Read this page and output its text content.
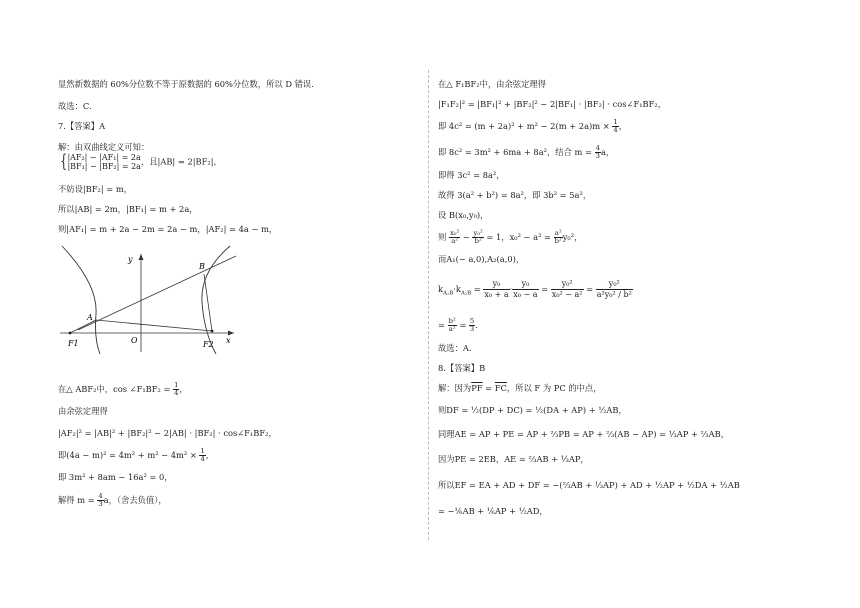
显然新数据的 60%分位数不等于原数据的 60%分位数，所以 D 错误.
故选：C.
7.【答案】A
解：由双曲线定义可知：
{ |AF₂| − |AF₁| = 2a
|BF₁| − |BF₂| = 2a ，且|AB| = 2|BF₂|，
不妨设|BF₂| = m，
所以|AB| = 2m，|BF₁| = m + 2a，
则|AF₁| = m + 2a − 2m = 2a − m，|AF₂| = 4a − m，
y
x
B
A
O
F1	F2
在△ ABF₂中，cos ∠F₁BF₂ = $\frac{1}{4}$ ，
由余弦定理得
|AF₂|² = |AB|² + |BF₂|² − 2|AB| · |BF₂| · cos∠F₁BF₂，
即$(4a - m)^2 = 4m^2 + m^2 - 4m^2 \times \frac{1}{4}$ ，
即 3m² + 8am − 16a² = 0，
解得 $m = \frac{4}{3}$ a，（舍去负值），
在△ F₁BF₂中，由余弦定理得
|F₁F₂|² = |BF₁|² + |BF₂|² − 2|BF₁| · |BF₂| · cos∠F₁BF₂，
即 $4c^2 = (m + 2a)^2 + m^2 - 2(m + 2a)m \times \frac{1}{4}$ ，
即 8c² = 3m² + 6ma + 8a²，结合 $m = \frac{4}{3}$ a，
即得 3c² = 8a²，
故得 3(a² + b²) = 8a²，即 3b² = 5a²，
设 B(x₀,y₀)，
则 $\frac{\text{x₀²}}{\text{a²}} - \frac{\text{y₀²}}{\text{b²}} = 1$，$x_0^2 - a^2 = \frac{\text{a²}}{\text{b²}} y_0^2$，
而A₁(− a,0),A₂(a,0)，
$k_{A_1B}\cdot k_{A_2B} = \frac{\text{y₀}}{\text{x₀ + a}} \cdot \frac{\text{y₀}}{\text{x₀ − a}} = \frac{\text{y₀²}}{\text{x₀² − a²}} = \frac{\text{y₀²}}{\text{a²y₀² / b²}}$
= $\frac{\text{b²}}{\text{a²}} = \frac{5}{3}$ .
故选：A.
8.【答案】B
解：因为$\overline{PF} = \overline{FC}$，所以 F 为 PC 的中点，
则DF = ½(DP + DC) = ½(DA + AP) + ½AB，
同理AE = AP + PE = AP + ⅔PB = AP + ⅔(AB − AP) = ⅓AP + ⅔AB，
因为PE = 2EB，AE = ⅔AB + ⅓AP，
所以EF = EA + AD + DF = −(⅔AB + ⅓AP) + AD + ½AP + ½DA + ½AB
= −⅙AB + ⅙AP + ½AD，
